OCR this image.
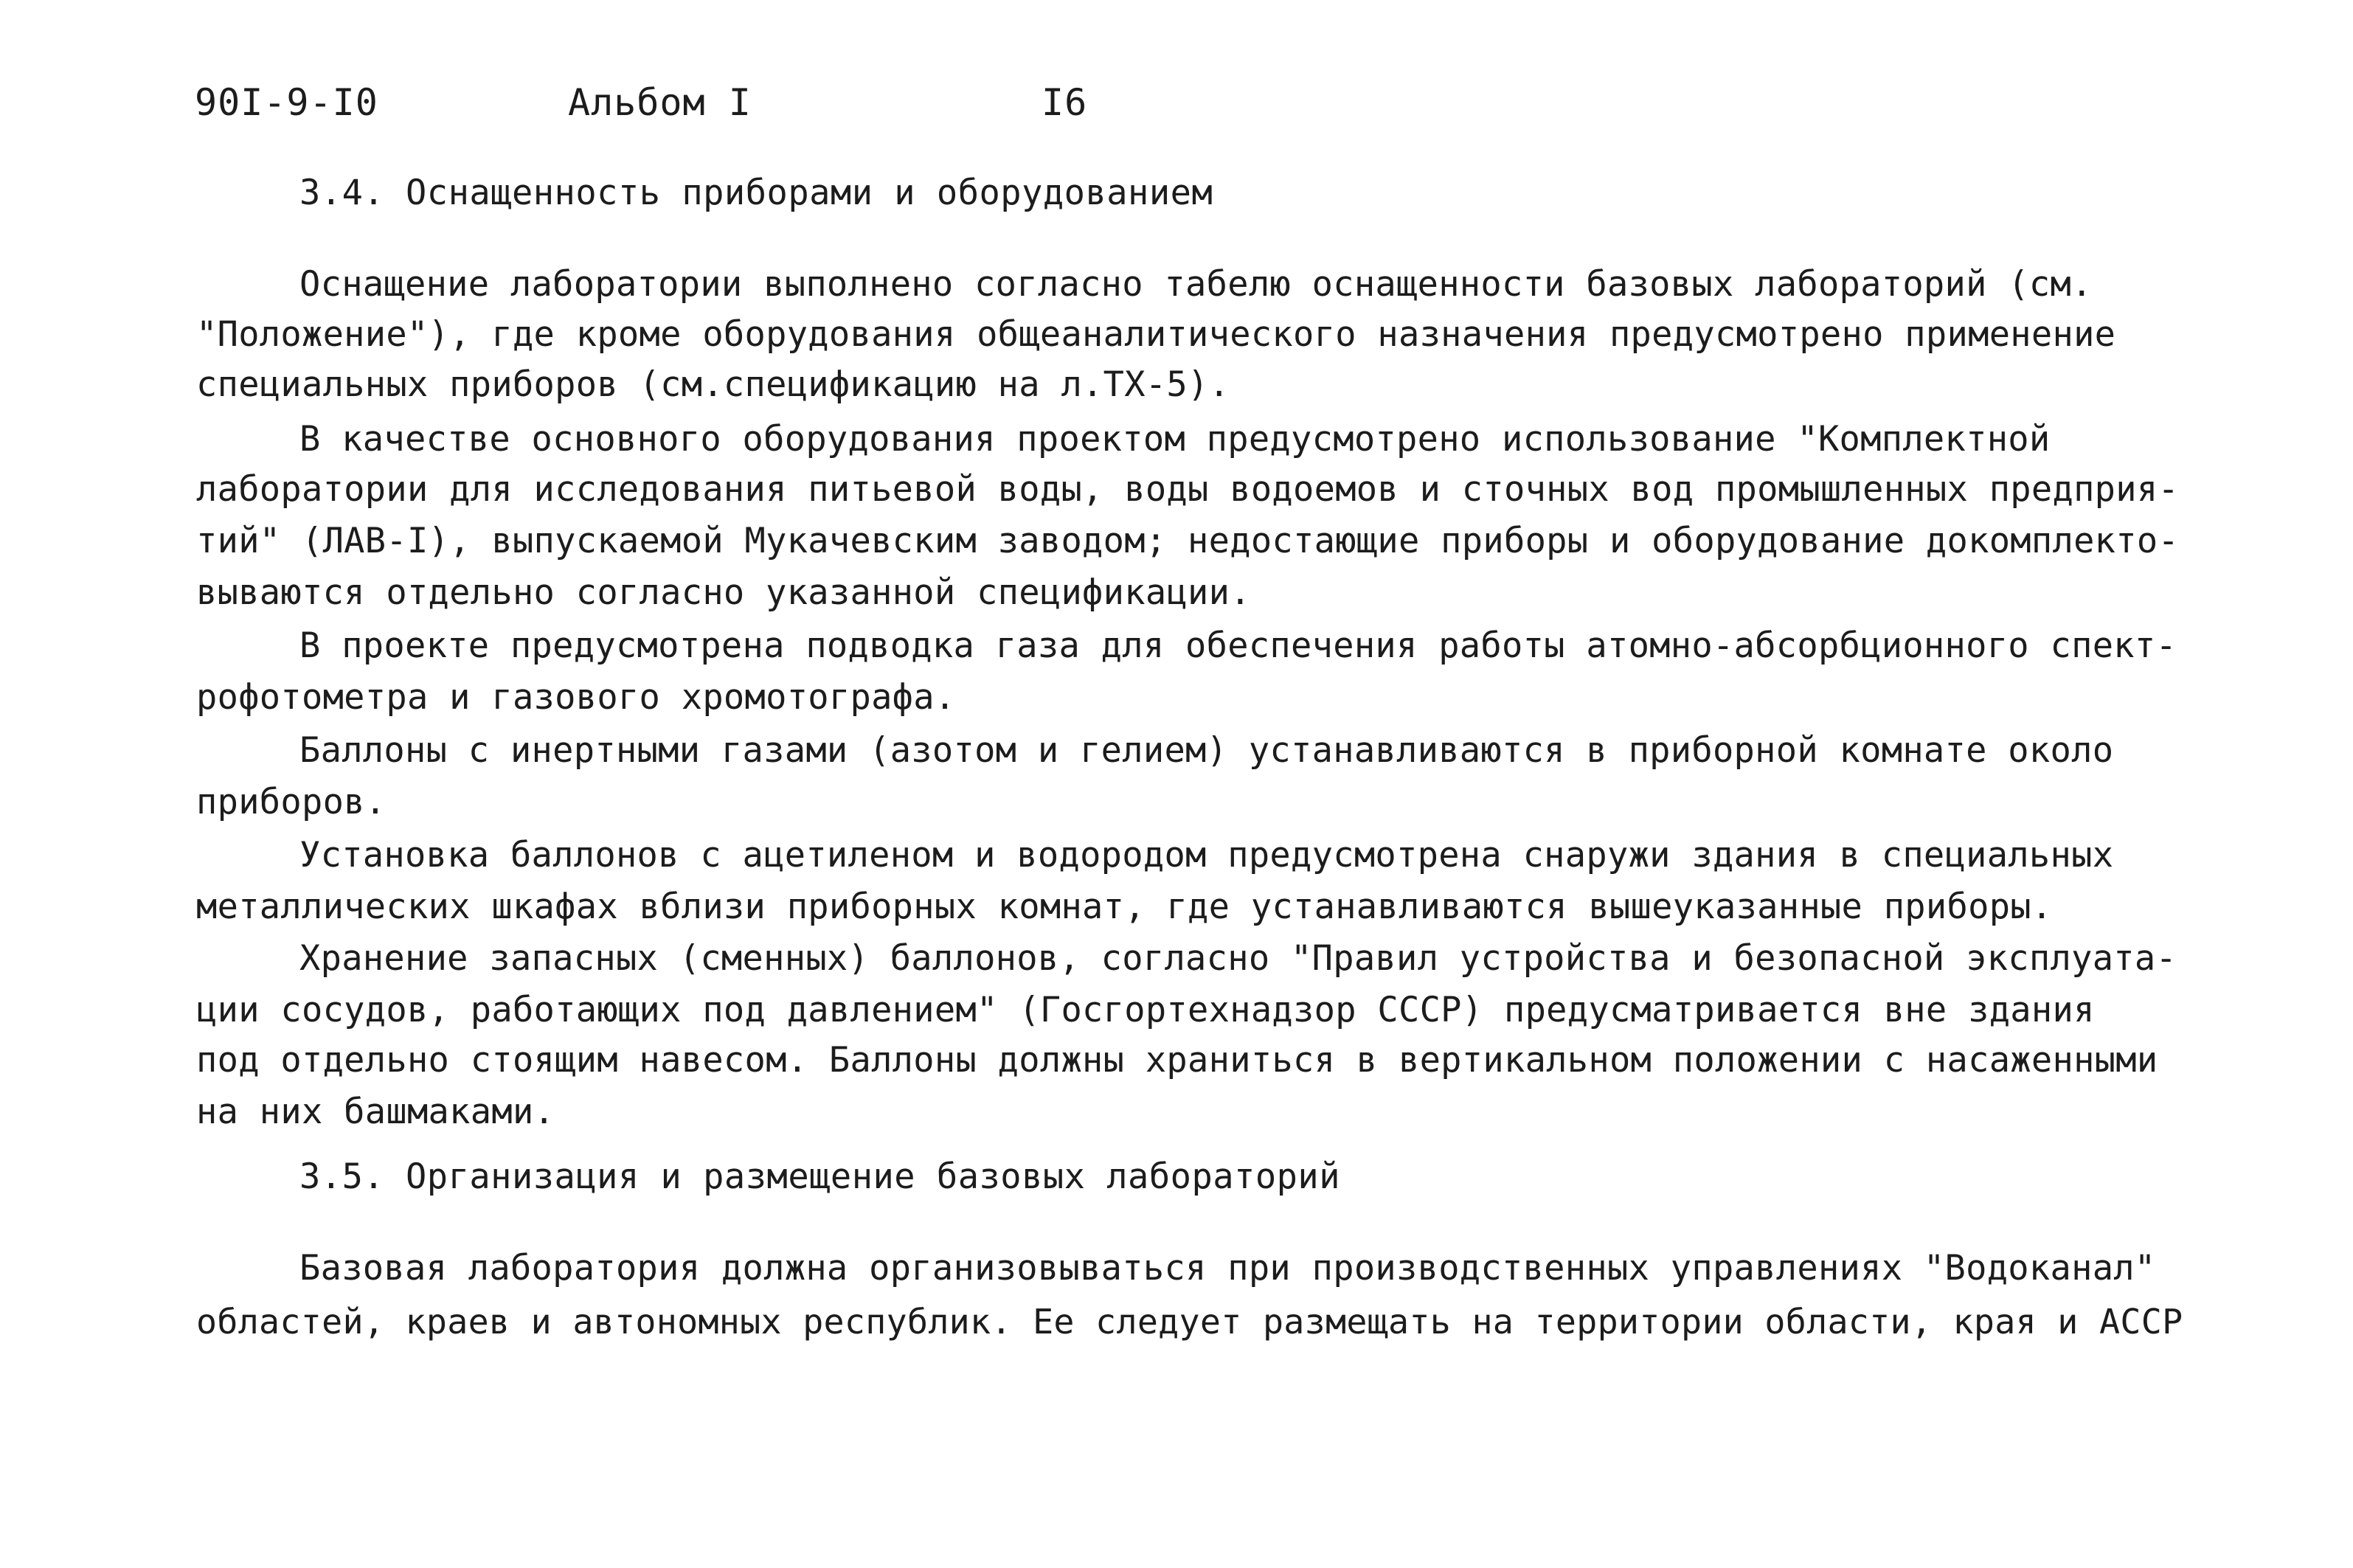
90I-9-I0	Альбом I	I6
3.4. Оснащенность приборами и оборудованием
Оснащение лаборатории выполнено согласно табелю оснащенности базовых лабораторий (см.
"Положение"), где кроме оборудования общеаналитического назначения предусмотрено применение
специальных приборов (см.спецификацию на л.ТХ-5).
В качестве основного оборудования проектом предусмотрено использование "Комплектной
лаборатории для исследования питьевой воды, воды водоемов и сточных вод промышленных предприя-
тий" (ЛАВ-I), выпускаемой Мукачевским заводом; недостающие приборы и оборудование докомплекто-
вываются отдельно согласно указанной спецификации.
В проекте предусмотрена подводка газа для обеспечения работы атомно-абсорбционного спект-
рофотометра и газового хромотографа.
Баллоны с инертными газами (азотом и гелием) устанавливаются в приборной комнате около
приборов.
Установка баллонов с ацетиленом и водородом предусмотрена снаружи здания в специальных
металлических шкафах вблизи приборных комнат, где устанавливаются вышеуказанные приборы.
Хранение запасных (сменных) баллонов, согласно "Правил устройства и безопасной эксплуата-
ции сосудов, работающих под давлением" (Госгортехнадзор СССР) предусматривается вне здания
под отдельно стоящим навесом. Баллоны должны храниться в вертикальном положении с насаженными
на них башмаками.
3.5. Организация и размещение базовых лабораторий
Базовая лаборатория должна организовываться при производственных управлениях "Водоканал"
областей, краев и автономных республик. Ее следует размещать на территории области, края и АССР
